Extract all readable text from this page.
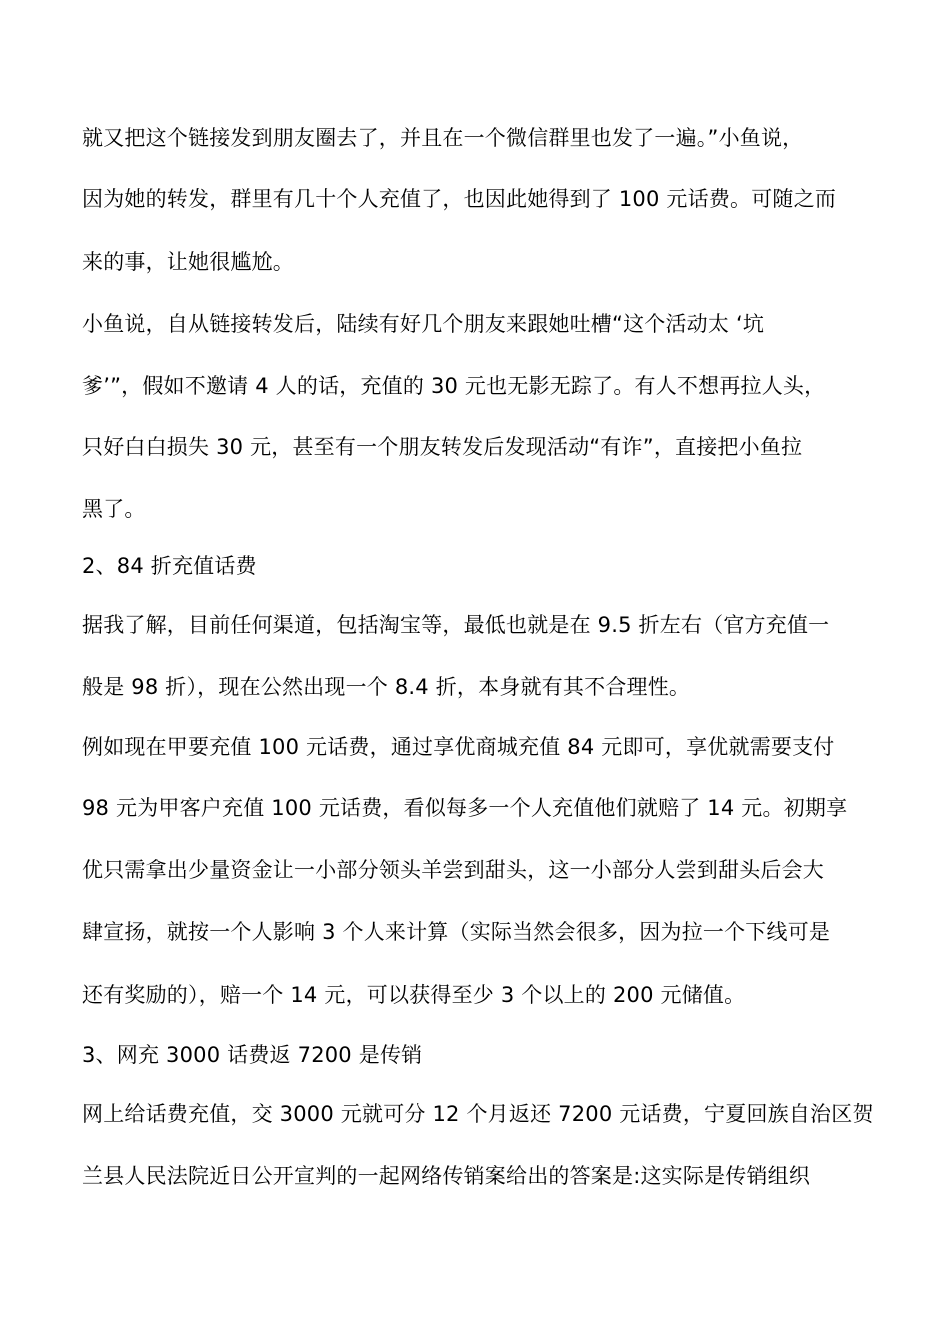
就又把这个链接发到朋友圈去了，并且在一个微信群里也发了一遍。”小鱼说，
因为她的转发，群里有几十个人充值了，也因此她得到了 100 元话费。可随之而
来的事，让她很尴尬。
小鱼说，自从链接转发后，陆续有好几个朋友来跟她吐槽“这个活动太 ‘坑
爹’”，假如不邀请 4 人的话，充值的 30 元也无影无踪了。有人不想再拉人头，
只好白白损失 30 元，甚至有一个朋友转发后发现活动“有诈”，直接把小鱼拉
黑了。
2、84 折充值话费
据我了解，目前任何渠道，包括淘宝等，最低也就是在 9.5 折左右（官方充值一
般是 98 折），现在公然出现一个 8.4 折，本身就有其不合理性。
例如现在甲要充值 100 元话费，通过享优商城充值 84 元即可，享优就需要支付
98 元为甲客户充值 100 元话费，看似每多一个人充值他们就赔了 14 元。初期享
优只需拿出少量资金让一小部分领头羊尝到甜头，这一小部分人尝到甜头后会大
肆宣扬，就按一个人影响 3 个人来计算（实际当然会很多，因为拉一个下线可是
还有奖励的），赔一个 14 元，可以获得至少 3 个以上的 200 元储值。
3、网充 3000 话费返 7200 是传销
网上给话费充值，交 3000 元就可分 12 个月返还 7200 元话费，宁夏回族自治区贺
兰县人民法院近日公开宣判的一起网络传销案给出的答案是:这实际是传销组织
